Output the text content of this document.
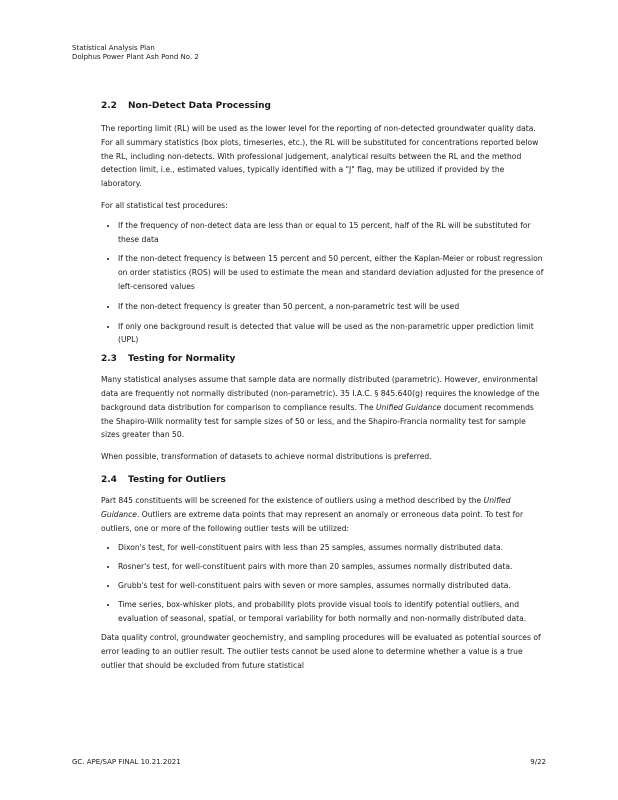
Statistical Analysis Plan
Dolphus Power Plant Ash Pond No. 2
2.2 Non-Detect Data Processing

The reporting limit (RL) will be used as the lower level for the reporting of non-detected groundwater quality data. For all summary statistics (box plots, timeseries, etc.), the RL will be substituted for concentrations reported below the RL, including non-detects. With professional judgement, analytical results between the RL and the method detection limit, i.e., estimated values, typically identified with a "J" flag, may be utilized if provided by the laboratory.

For all statistical test procedures:

• If the frequency of non-detect data are less than or equal to 15 percent, half of the RL will be substituted for these data
• If the non-detect frequency is between 15 percent and 50 percent, either the Kaplan-Meier or robust regression on order statistics (ROS) will be used to estimate the mean and standard deviation adjusted for the presence of left-censored values
• If the non-detect frequency is greater than 50 percent, a non-parametric test will be used
• If only one background result is detected that value will be used as the non-parametric upper prediction limit (UPL)
2.3 Testing for Normality

Many statistical analyses assume that sample data are normally distributed (parametric). However, environmental data are frequently not normally distributed (non-parametric). 35 I.A.C. § 845.640(g) requires the knowledge of the background data distribution for comparison to compliance results. The Unified Guidance document recommends the Shapiro-Wilk normality test for sample sizes of 50 or less, and the Shapiro-Francia normality test for sample sizes greater than 50.

When possible, transformation of datasets to achieve normal distributions is preferred.

2.4 Testing for Outliers

Part 845 constituents will be screened for the existence of outliers using a method described by the Unified Guidance. Outliers are extreme data points that may represent an anomaly or erroneous data point. To test for outliers, one or more of the following outlier tests will be utilized:

• Dixon's test, for well-constituent pairs with less than 25 samples, assumes normally distributed data.
• Rosner's test, for well-constituent pairs with more than 20 samples, assumes normally distributed data.
• Grubb's test for well-constituent pairs with seven or more samples, assumes normally distributed data.
• Time series, box-whisker plots, and probability plots provide visual tools to identify potential outliers, and evaluation of seasonal, spatial, or temporal variability for both normally and non-normally distributed data.

Data quality control, groundwater geochemistry, and sampling procedures will be evaluated as potential sources of error leading to an outlier result. The outlier tests cannot be used alone to determine whether a value is a true outlier that should be excluded from future statistical

GC. APE/SAP FINAL 10.21.2021	9/22
